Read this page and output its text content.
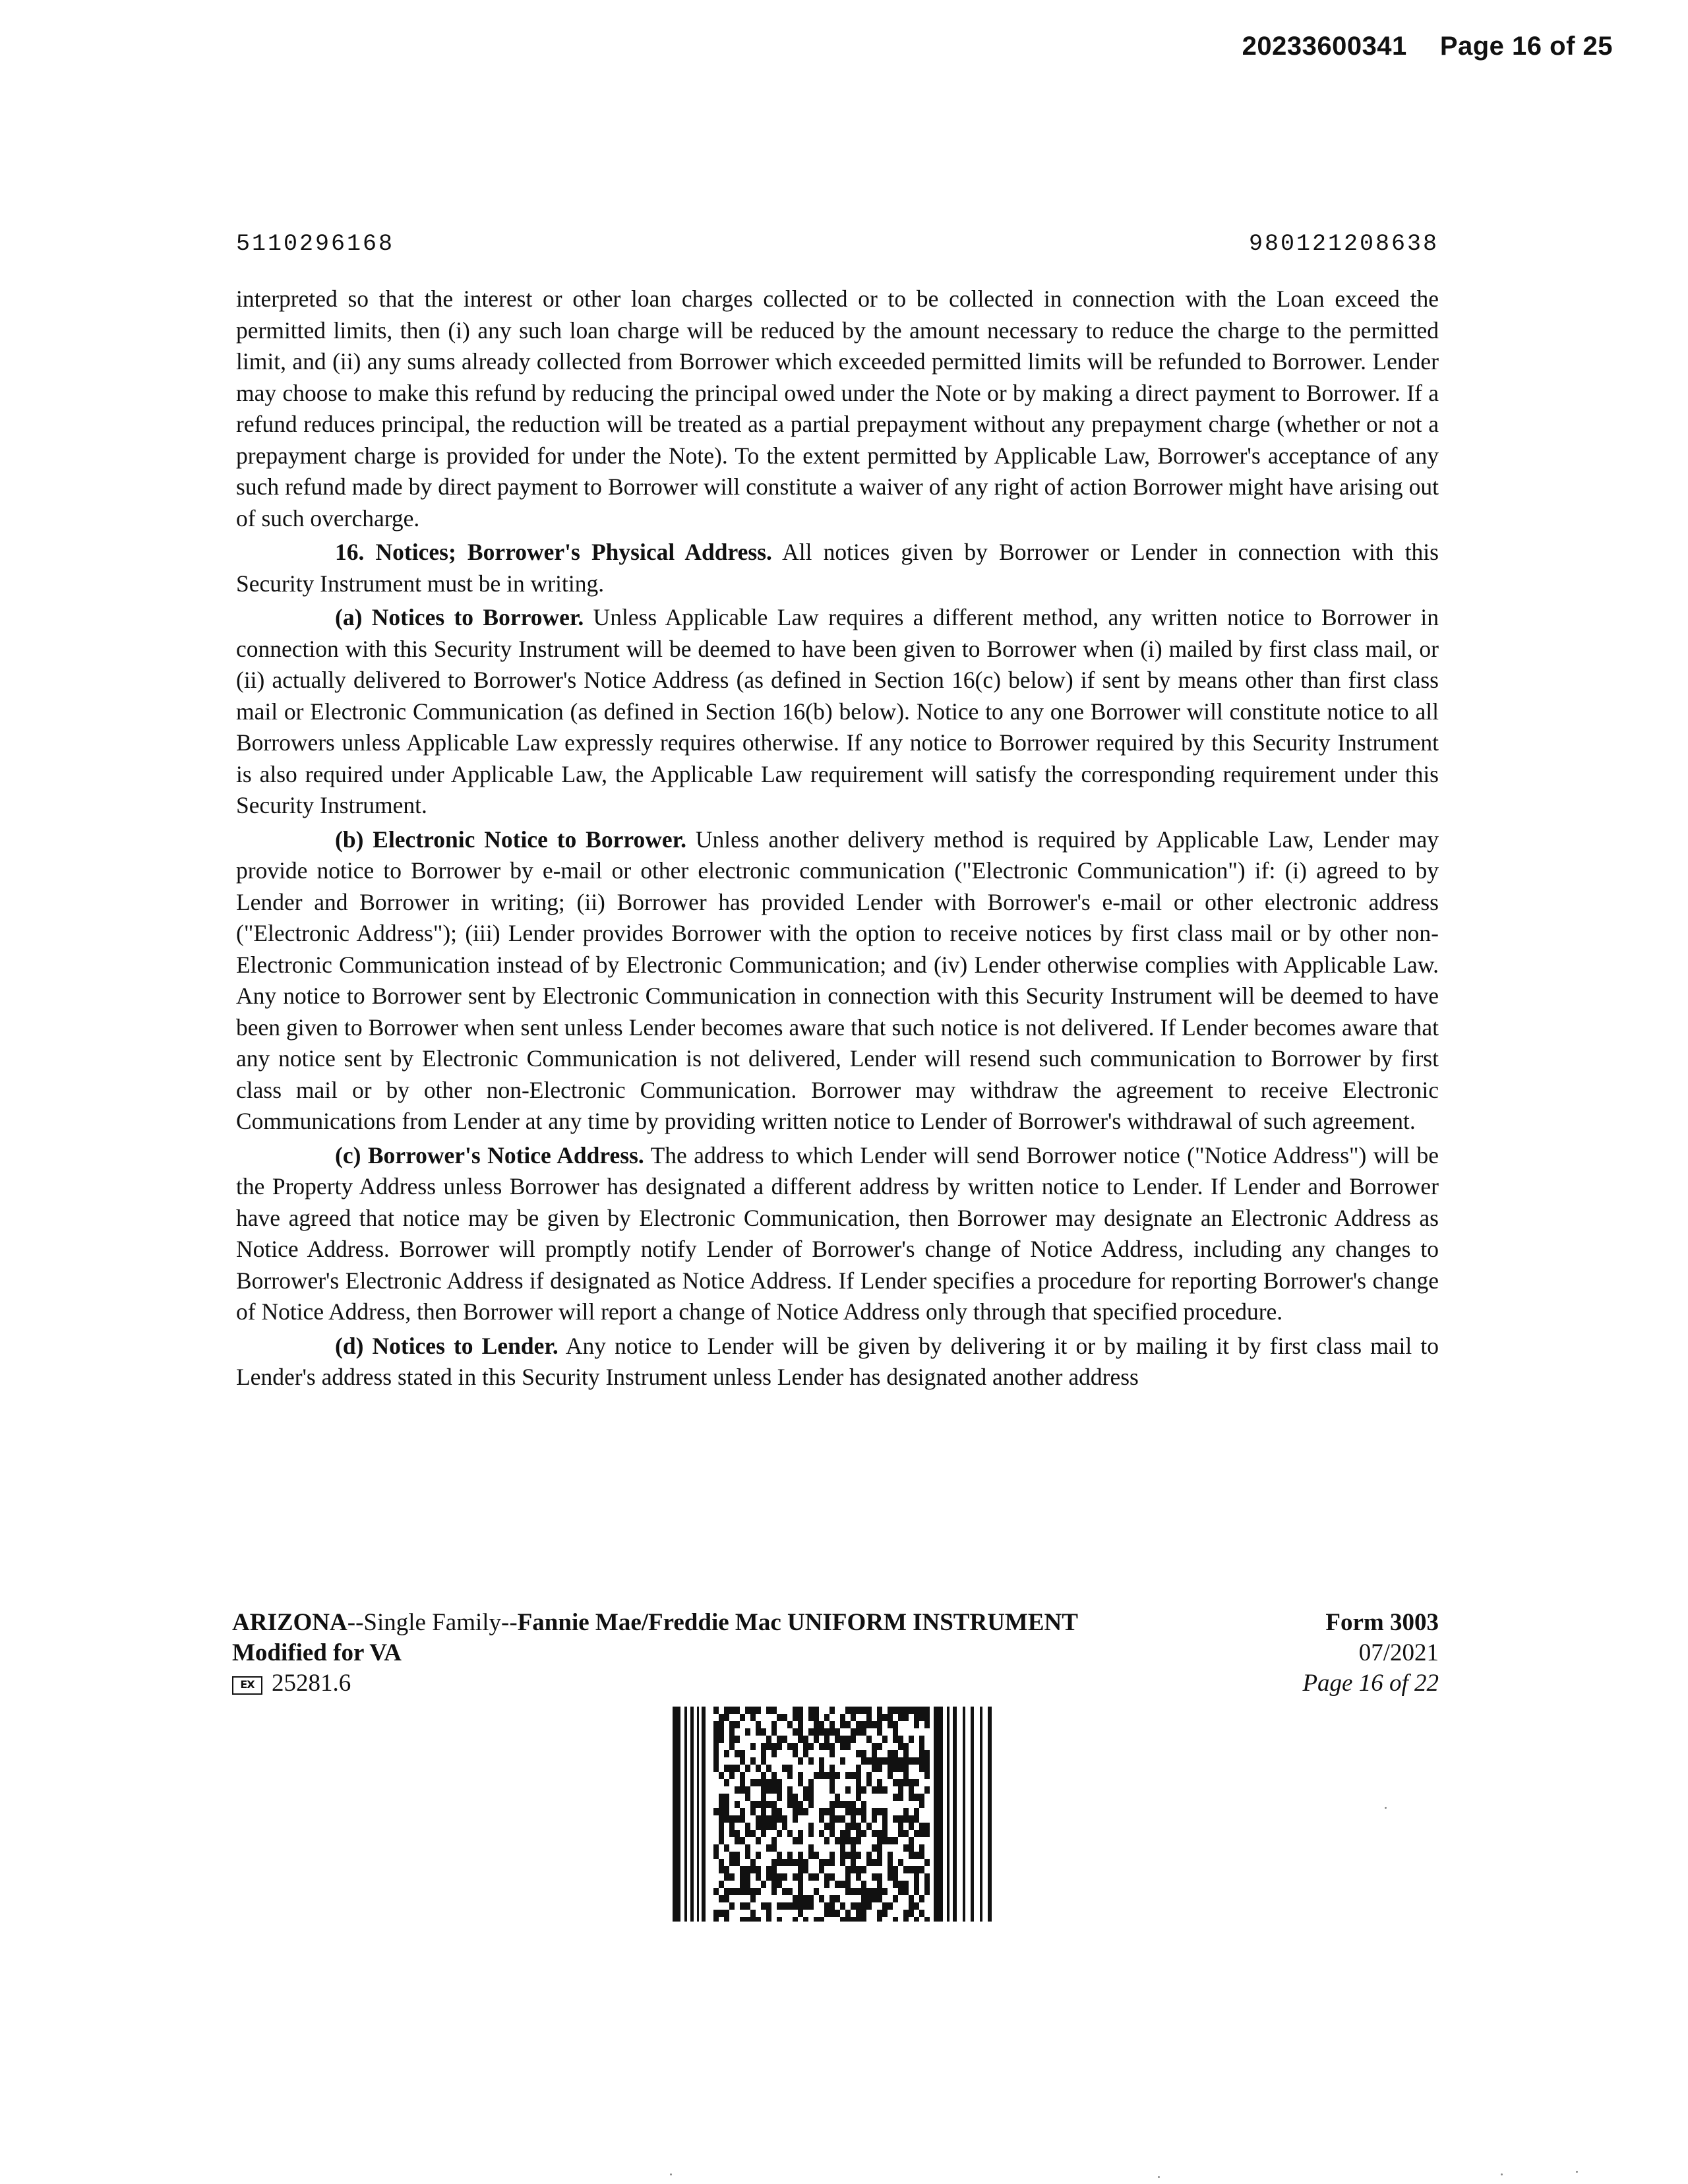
20233600341 Page 16 of 25
5110296168	980121208638

interpreted so that the interest or other loan charges collected or to be collected in connection with the Loan exceed the permitted limits, then (i) any such loan charge will be reduced by the amount necessary to reduce the charge to the permitted limit, and (ii) any sums already collected from Borrower which exceeded permitted limits will be refunded to Borrower. Lender may choose to make this refund by reducing the principal owed under the Note or by making a direct payment to Borrower. If a refund reduces principal, the reduction will be treated as a partial prepayment without any prepayment charge (whether or not a prepayment charge is provided for under the Note). To the extent permitted by Applicable Law, Borrower's acceptance of any such refund made by direct payment to Borrower will constitute a waiver of any right of action Borrower might have arising out of such overcharge.

16. Notices; Borrower's Physical Address. All notices given by Borrower or Lender in connection with this Security Instrument must be in writing.

(a) Notices to Borrower. Unless Applicable Law requires a different method, any written notice to Borrower in connection with this Security Instrument will be deemed to have been given to Borrower when (i) mailed by first class mail, or (ii) actually delivered to Borrower's Notice Address (as defined in Section 16(c) below) if sent by means other than first class mail or Electronic Communication (as defined in Section 16(b) below). Notice to any one Borrower will constitute notice to all Borrowers unless Applicable Law expressly requires otherwise. If any notice to Borrower required by this Security Instrument is also required under Applicable Law, the Applicable Law requirement will satisfy the corresponding requirement under this Security Instrument.

(b) Electronic Notice to Borrower. Unless another delivery method is required by Applicable Law, Lender may provide notice to Borrower by e-mail or other electronic communication ("Electronic Communication") if: (i) agreed to by Lender and Borrower in writing; (ii) Borrower has provided Lender with Borrower's e-mail or other electronic address ("Electronic Address"); (iii) Lender provides Borrower with the option to receive notices by first class mail or by other non-Electronic Communication instead of by Electronic Communication; and (iv) Lender otherwise complies with Applicable Law. Any notice to Borrower sent by Electronic Communication in connection with this Security Instrument will be deemed to have been given to Borrower when sent unless Lender becomes aware that such notice is not delivered. If Lender becomes aware that any notice sent by Electronic Communication is not delivered, Lender will resend such communication to Borrower by first class mail or by other non-Electronic Communication. Borrower may withdraw the agreement to receive Electronic Communications from Lender at any time by providing written notice to Lender of Borrower's withdrawal of such agreement.

(c) Borrower's Notice Address. The address to which Lender will send Borrower notice ("Notice Address") will be the Property Address unless Borrower has designated a different address by written notice to Lender. If Lender and Borrower have agreed that notice may be given by Electronic Communication, then Borrower may designate an Electronic Address as Notice Address. Borrower will promptly notify Lender of Borrower's change of Notice Address, including any changes to Borrower's Electronic Address if designated as Notice Address. If Lender specifies a procedure for reporting Borrower's change of Notice Address, then Borrower will report a change of Notice Address only through that specified procedure.

(d) Notices to Lender. Any notice to Lender will be given by delivering it or by mailing it by first class mail to Lender's address stated in this Security Instrument unless Lender has designated another address

ARIZONA--Single Family--Fannie Mae/Freddie Mac UNIFORM INSTRUMENT
Modified for VA
EX 25281.6
Form 3003
07/2021
Page 16 of 22
